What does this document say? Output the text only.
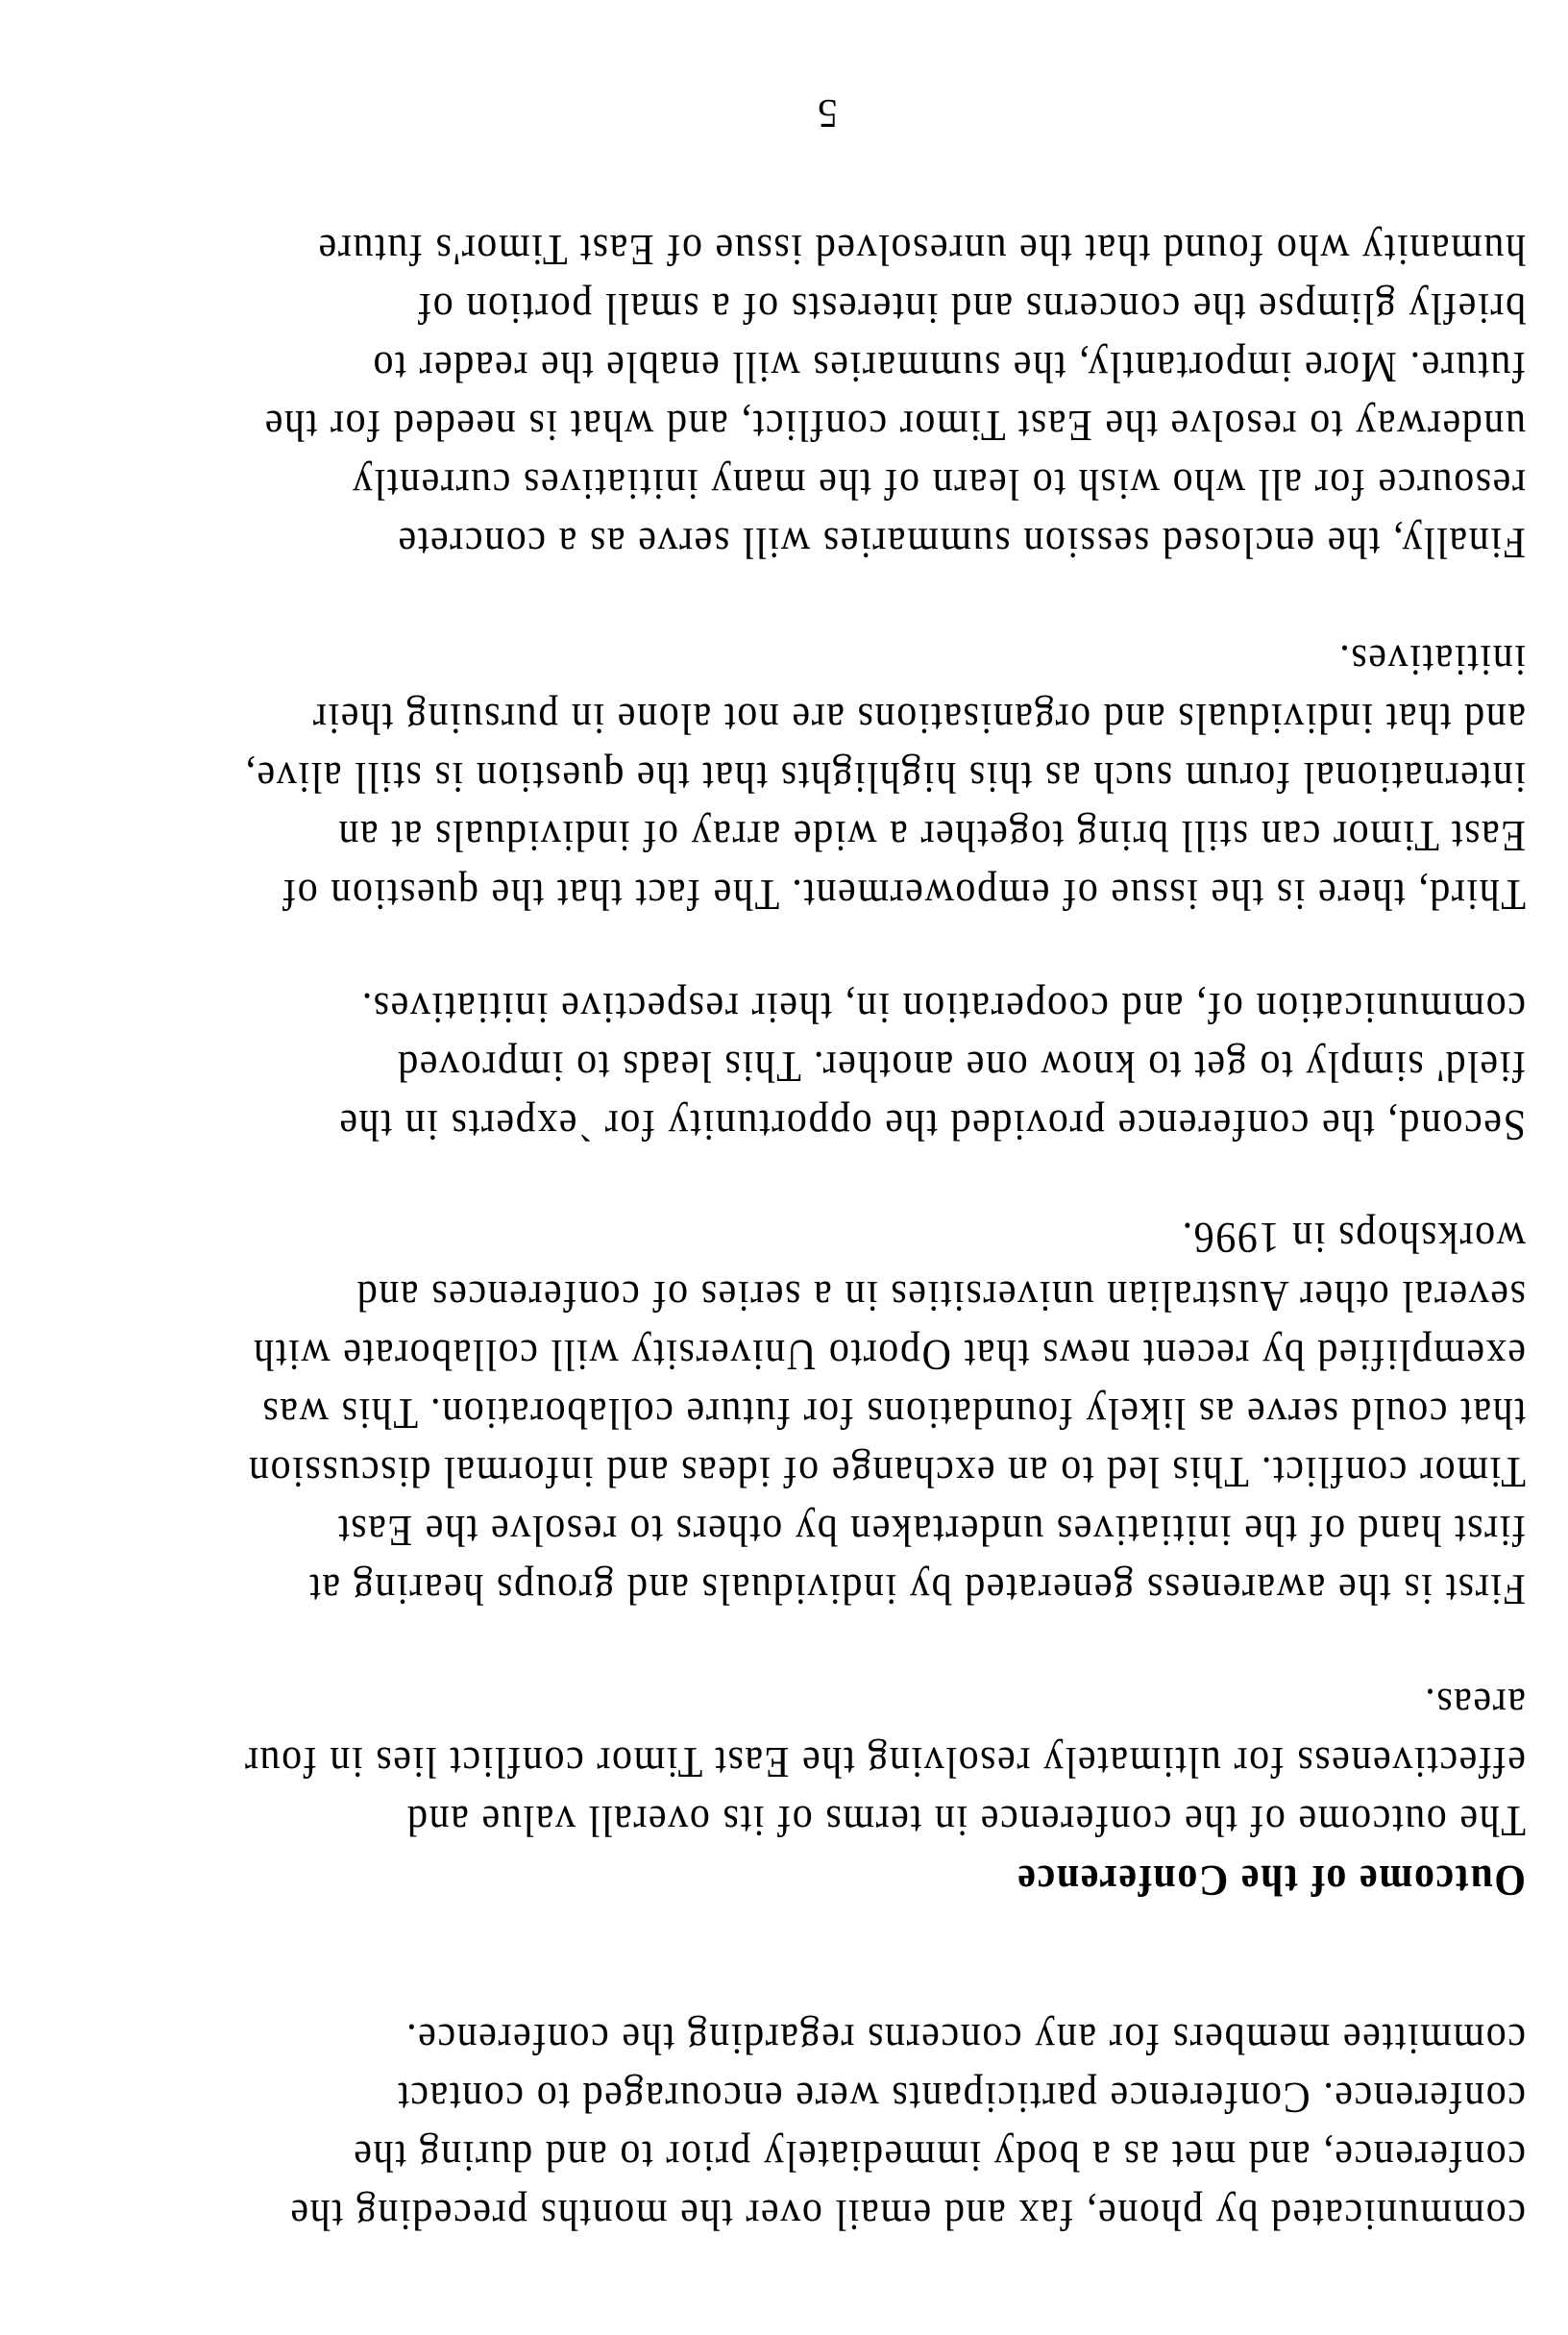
communicated by phone, fax and email over the months preceding the
conference, and met as a body immediately prior to and during the
conference. Conference participants were encouraged to contact
committee members for any concerns regarding the conference.
Outcome of the Conference
The outcome of the conference in terms of its overall value and
effectiveness for ultimately resolving the East Timor conflict lies in four
areas.
First is the awareness generated by individuals and groups hearing at
first hand of the initiatives undertaken by others to resolve the East
Timor conflict. This led to an exchange of ideas and informal discussion
that could serve as likely foundations for future collaboration. This was
exemplified by recent news that Oporto University will collaborate with
several other Australian universities in a series of conferences and
workshops in 1996.
Second, the conference provided the opportunity for `experts in the
field' simply to get to know one another. This leads to improved
communication of, and cooperation in, their respective initiatives.
Third, there is the issue of empowerment. The fact that the question of
East Timor can still bring together a wide array of individuals at an
international forum such as this highlights that the question is still alive,
and that individuals and organisations are not alone in pursuing their
initiatives.
Finally, the enclosed session summaries will serve as a concrete
resource for all who wish to learn of the many initiatives currently
underway to resolve the East Timor conflict, and what is needed for the
future. More importantly, the summaries will enable the reader to
briefly glimpse the concerns and interests of a small portion of
humanity who found that the unresolved issue of East Timor's future
5
